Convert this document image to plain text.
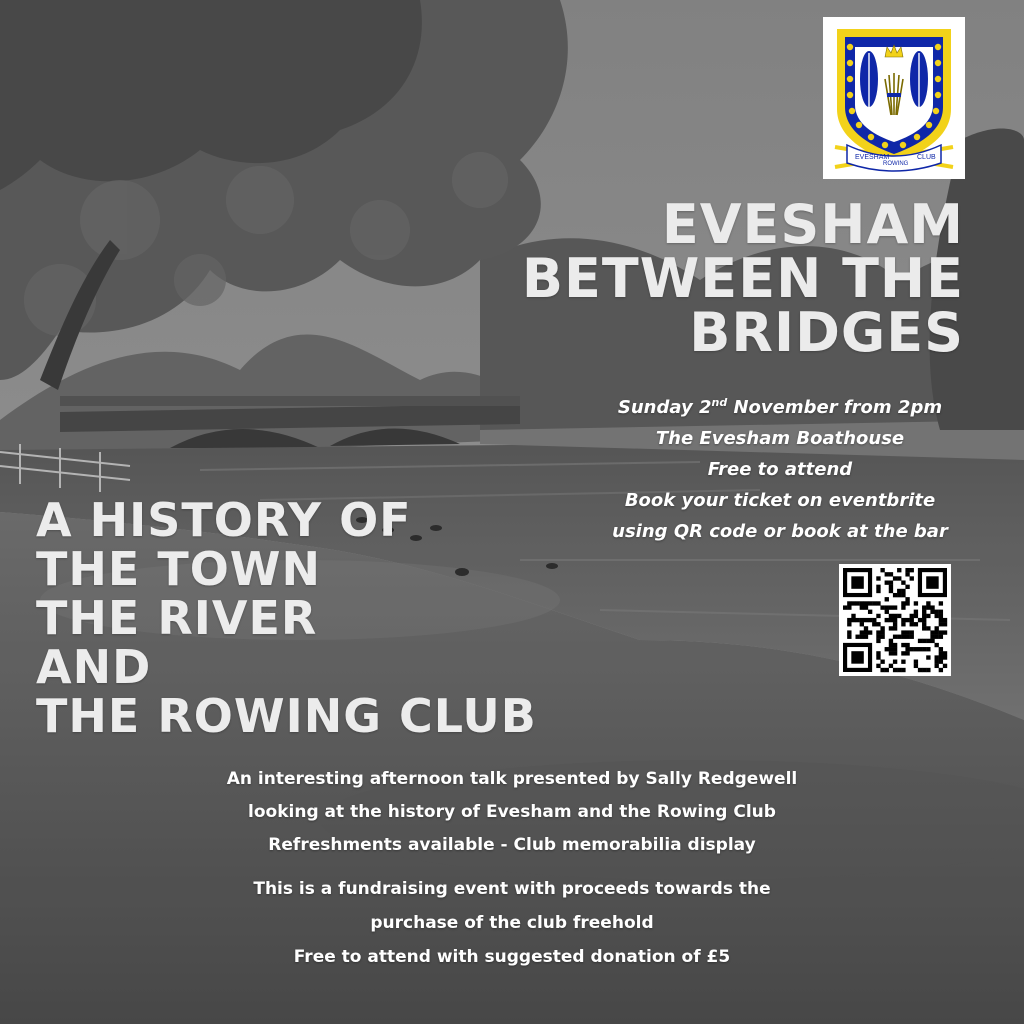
EVESHAM
ROWING
CLUB
EVESHAM
BETWEEN THE
BRIDGES
Sunday 2nd November from 2pm
The Evesham Boathouse
Free to attend
Book your ticket on eventbrite
using QR code or book at the bar
A HISTORY OF
THE TOWN
THE RIVER
AND
THE ROWING CLUB
An interesting afternoon talk presented by Sally Redgewell
looking at the history of Evesham and the Rowing Club
Refreshments available - Club memorabilia display
This is a fundraising event with proceeds towards the
purchase of the club freehold
Free to attend with suggested donation of £5
